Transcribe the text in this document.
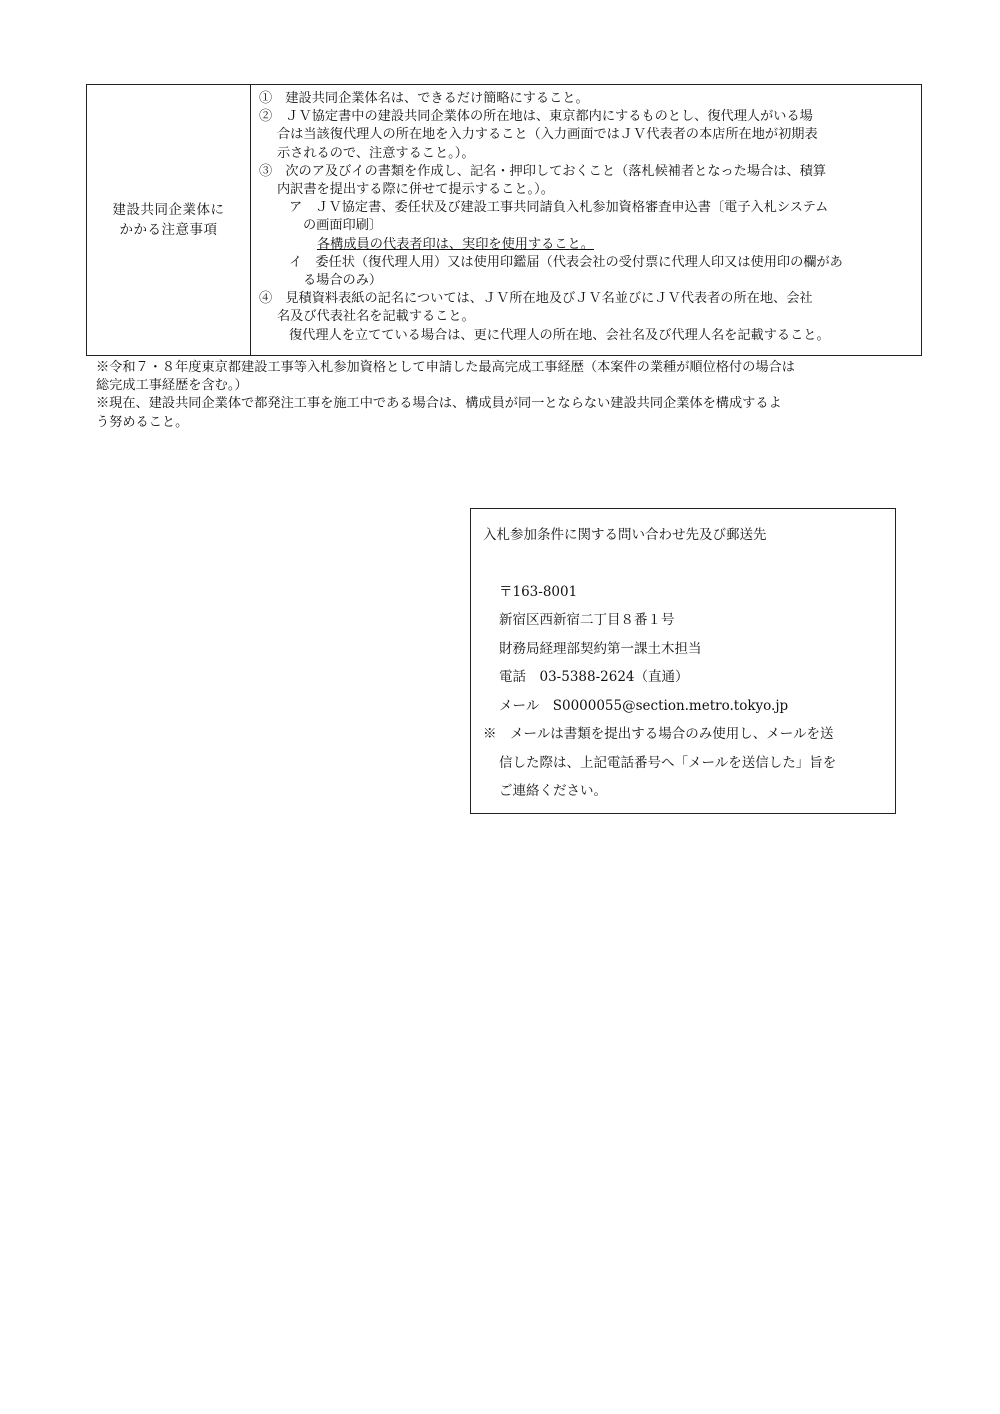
建設共同企業体に
かかる注意事項
①　建設共同企業体名は、できるだけ簡略にすること。
②　ＪＶ協定書中の建設共同企業体の所在地は、東京都内にするものとし、復代理人がいる場
合は当該復代理人の所在地を入力すること（入力画面ではＪＶ代表者の本店所在地が初期表
示されるので、注意すること。）。
③　次のア及びイの書類を作成し、記名・押印しておくこと（落札候補者となった場合は、積算
内訳書を提出する際に併せて提示すること。）。
ア　ＪＶ協定書、委任状及び建設工事共同請負入札参加資格審査申込書〔電子入札システム
の画面印刷〕
各構成員の代表者印は、実印を使用すること。
イ　委任状（復代理人用）又は使用印鑑届（代表会社の受付票に代理人印又は使用印の欄があ
る場合のみ）
④　見積資料表紙の記名については、ＪＶ所在地及びＪＶ名並びにＪＶ代表者の所在地、会社
名及び代表社名を記載すること。
復代理人を立てている場合は、更に代理人の所在地、会社名及び代理人名を記載すること。
※令和７・８年度東京都建設工事等入札参加資格として申請した最高完成工事経歴（本案件の業種が順位格付の場合は
総完成工事経歴を含む。）
※現在、建設共同企業体で都発注工事を施工中である場合は、構成員が同一とならない建設共同企業体を構成するよ
う努めること。
入札参加条件に関する問い合わせ先及び郵送先
〒163-8001
新宿区西新宿二丁目８番１号
財務局経理部契約第一課土木担当
電話　03-5388-2624（直通）
メール　S0000055@section.metro.tokyo.jp
※　メールは書類を提出する場合のみ使用し、メールを送
信した際は、上記電話番号へ「メールを送信した」旨を
ご連絡ください。
